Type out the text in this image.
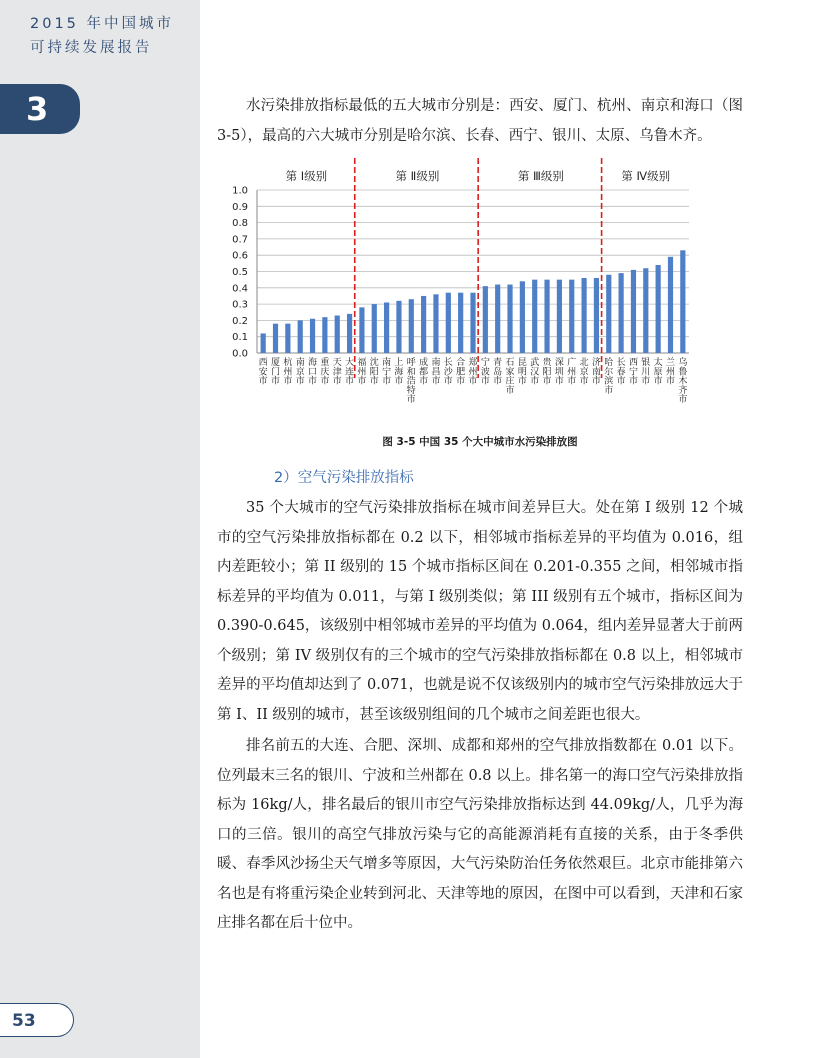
2015 年中国城市
可持续发展报告
3
53

水污染排放指标最低的五大城市分别是：西安、厦门、杭州、南京和海口（图3-5），最高的六大城市分别是哈尔滨、长春、西宁、银川、太原、乌鲁木齐。

1.0
0.9
0.8
0.7
0.6
0.5
0.4
0.3
0.2
0.1
0.0
西安市
厦门市
杭州市
南京市
海口市
重庆市
天津市
大连市
福州市
沈阳市
南宁市
上海市
呼和浩特市
成都市
南昌市
长沙市
合肥市
郑州市
宁波市
青岛市
石家庄市
昆明市
武汉市
贵阳市
深圳市
广州市
北京市
济南市
哈尔滨市
长春市
西宁市
银川市
太原市
兰州市
乌鲁木齐市
第 Ⅰ级别	第 Ⅱ级别	第 Ⅲ级别	第 Ⅳ级别

图 3-5 中国 35 个大中城市水污染排放图

2）空气污染排放指标

35 个大城市的空气污染排放指标在城市间差异巨大。处在第 I 级别 12 个城市的空气污染排放指标都在 0.2 以下，相邻城市指标差异的平均值为 0.016，组内差距较小；第 II 级别的 15 个城市指标区间在 0.201-0.355 之间，相邻城市指标差异的平均值为 0.011，与第 I 级别类似；第 III 级别有五个城市，指标区间为 0.390-0.645，该级别中相邻城市差异的平均值为 0.064，组内差异显著大于前两个级别；第 IV 级别仅有的三个城市的空气污染排放指标都在 0.8 以上，相邻城市差异的平均值却达到了 0.071，也就是说不仅该级别内的城市空气污染排放远大于第 I、II 级别的城市，甚至该级别组间的几个城市之间差距也很大。

排名前五的大连、合肥、深圳、成都和郑州的空气排放指数都在 0.01 以下。位列最末三名的银川、宁波和兰州都在 0.8 以上。排名第一的海口空气污染排放指标为 16kg/人，排名最后的银川市空气污染排放指标达到 44.09kg/人，几乎为海口的三倍。银川的高空气排放污染与它的高能源消耗有直接的关系，由于冬季供暖、春季风沙扬尘天气增多等原因，大气污染防治任务依然艰巨。北京市能排第六名也是有将重污染企业转到河北、天津等地的原因，在图中可以看到，天津和石家庄排名都在后十位中。
